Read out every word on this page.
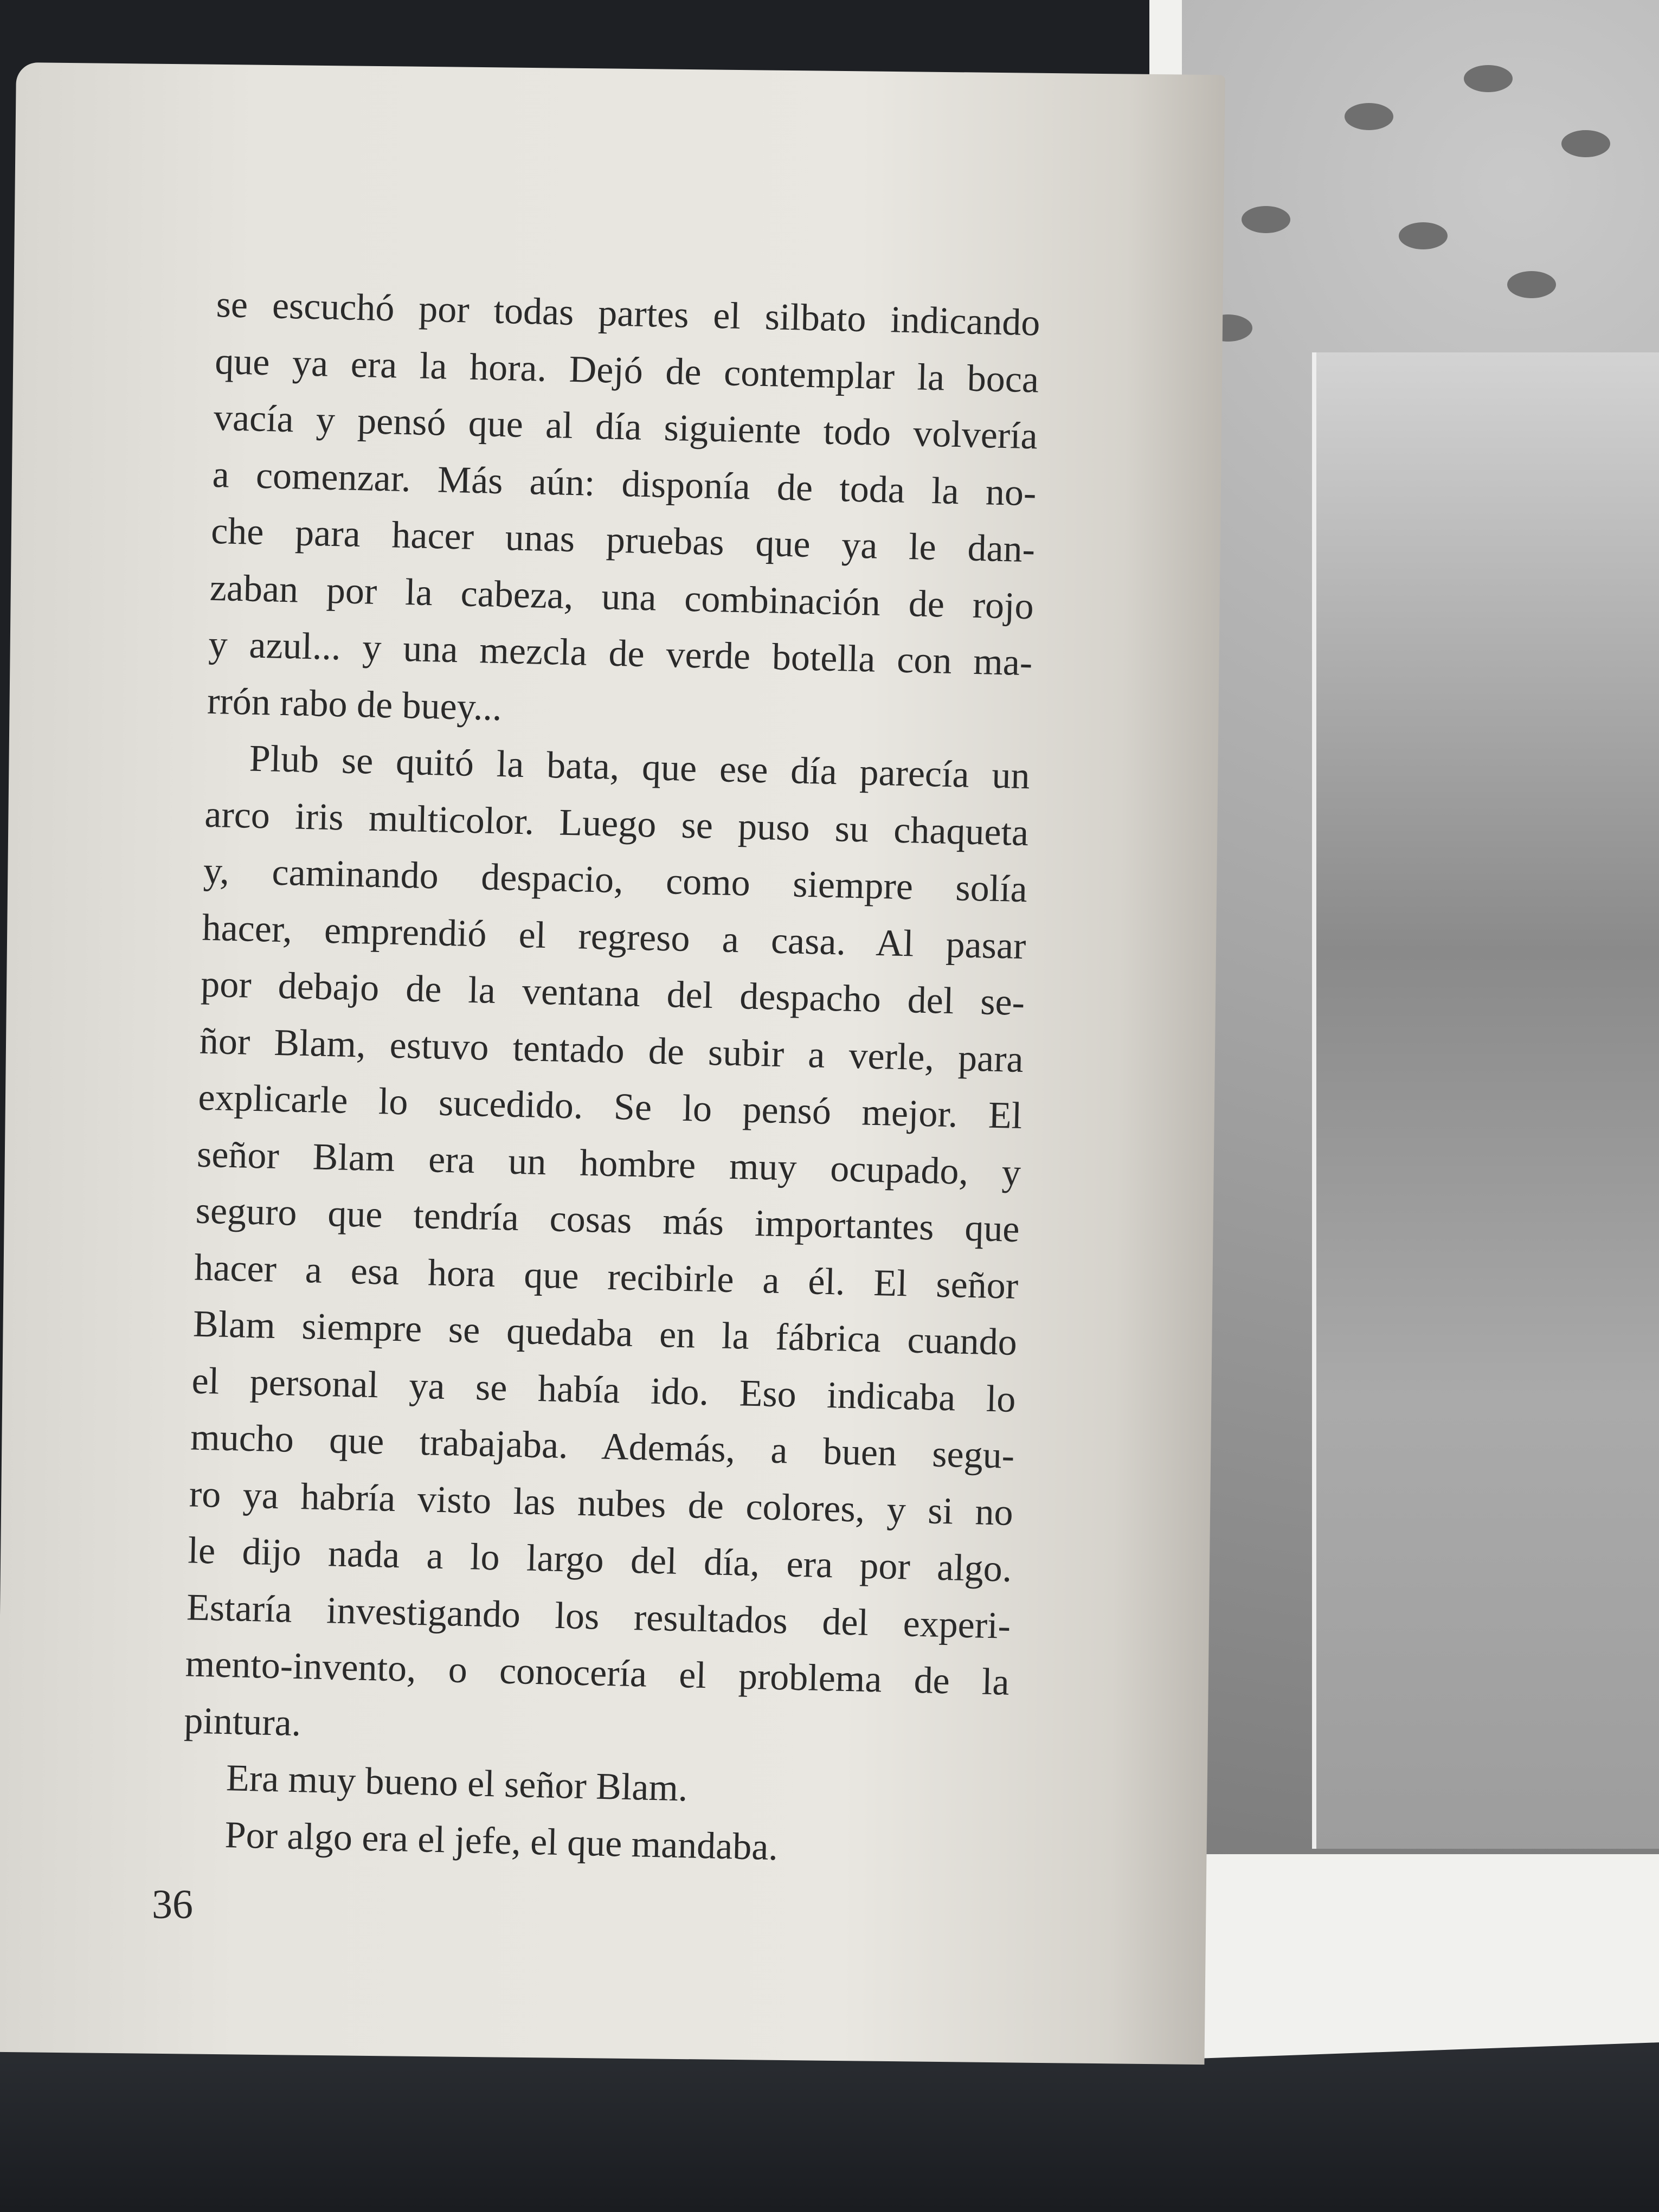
se escuchó por todas partes el silbato indicando
que ya era la hora. Dejó de contemplar la boca
vacía y pensó que al día siguiente todo volvería
a comenzar. Más aún: disponía de toda la no-
che para hacer unas pruebas que ya le dan-
zaban por la cabeza, una combinación de rojo
y azul... y una mezcla de verde botella con ma-
rrón rabo de buey...
Plub se quitó la bata, que ese día parecía un
arco iris multicolor. Luego se puso su chaqueta
y, caminando despacio, como siempre solía
hacer, emprendió el regreso a casa. Al pasar
por debajo de la ventana del despacho del se-
ñor Blam, estuvo tentado de subir a verle, para
explicarle lo sucedido. Se lo pensó mejor. El
señor Blam era un hombre muy ocupado, y
seguro que tendría cosas más importantes que
hacer a esa hora que recibirle a él. El señor
Blam siempre se quedaba en la fábrica cuando
el personal ya se había ido. Eso indicaba lo
mucho que trabajaba. Además, a buen segu-
ro ya habría visto las nubes de colores, y si no
le dijo nada a lo largo del día, era por algo.
Estaría investigando los resultados del experi-
mento-invento, o conocería el problema de la
pintura.
Era muy bueno el señor Blam.
Por algo era el jefe, el que mandaba.
36
